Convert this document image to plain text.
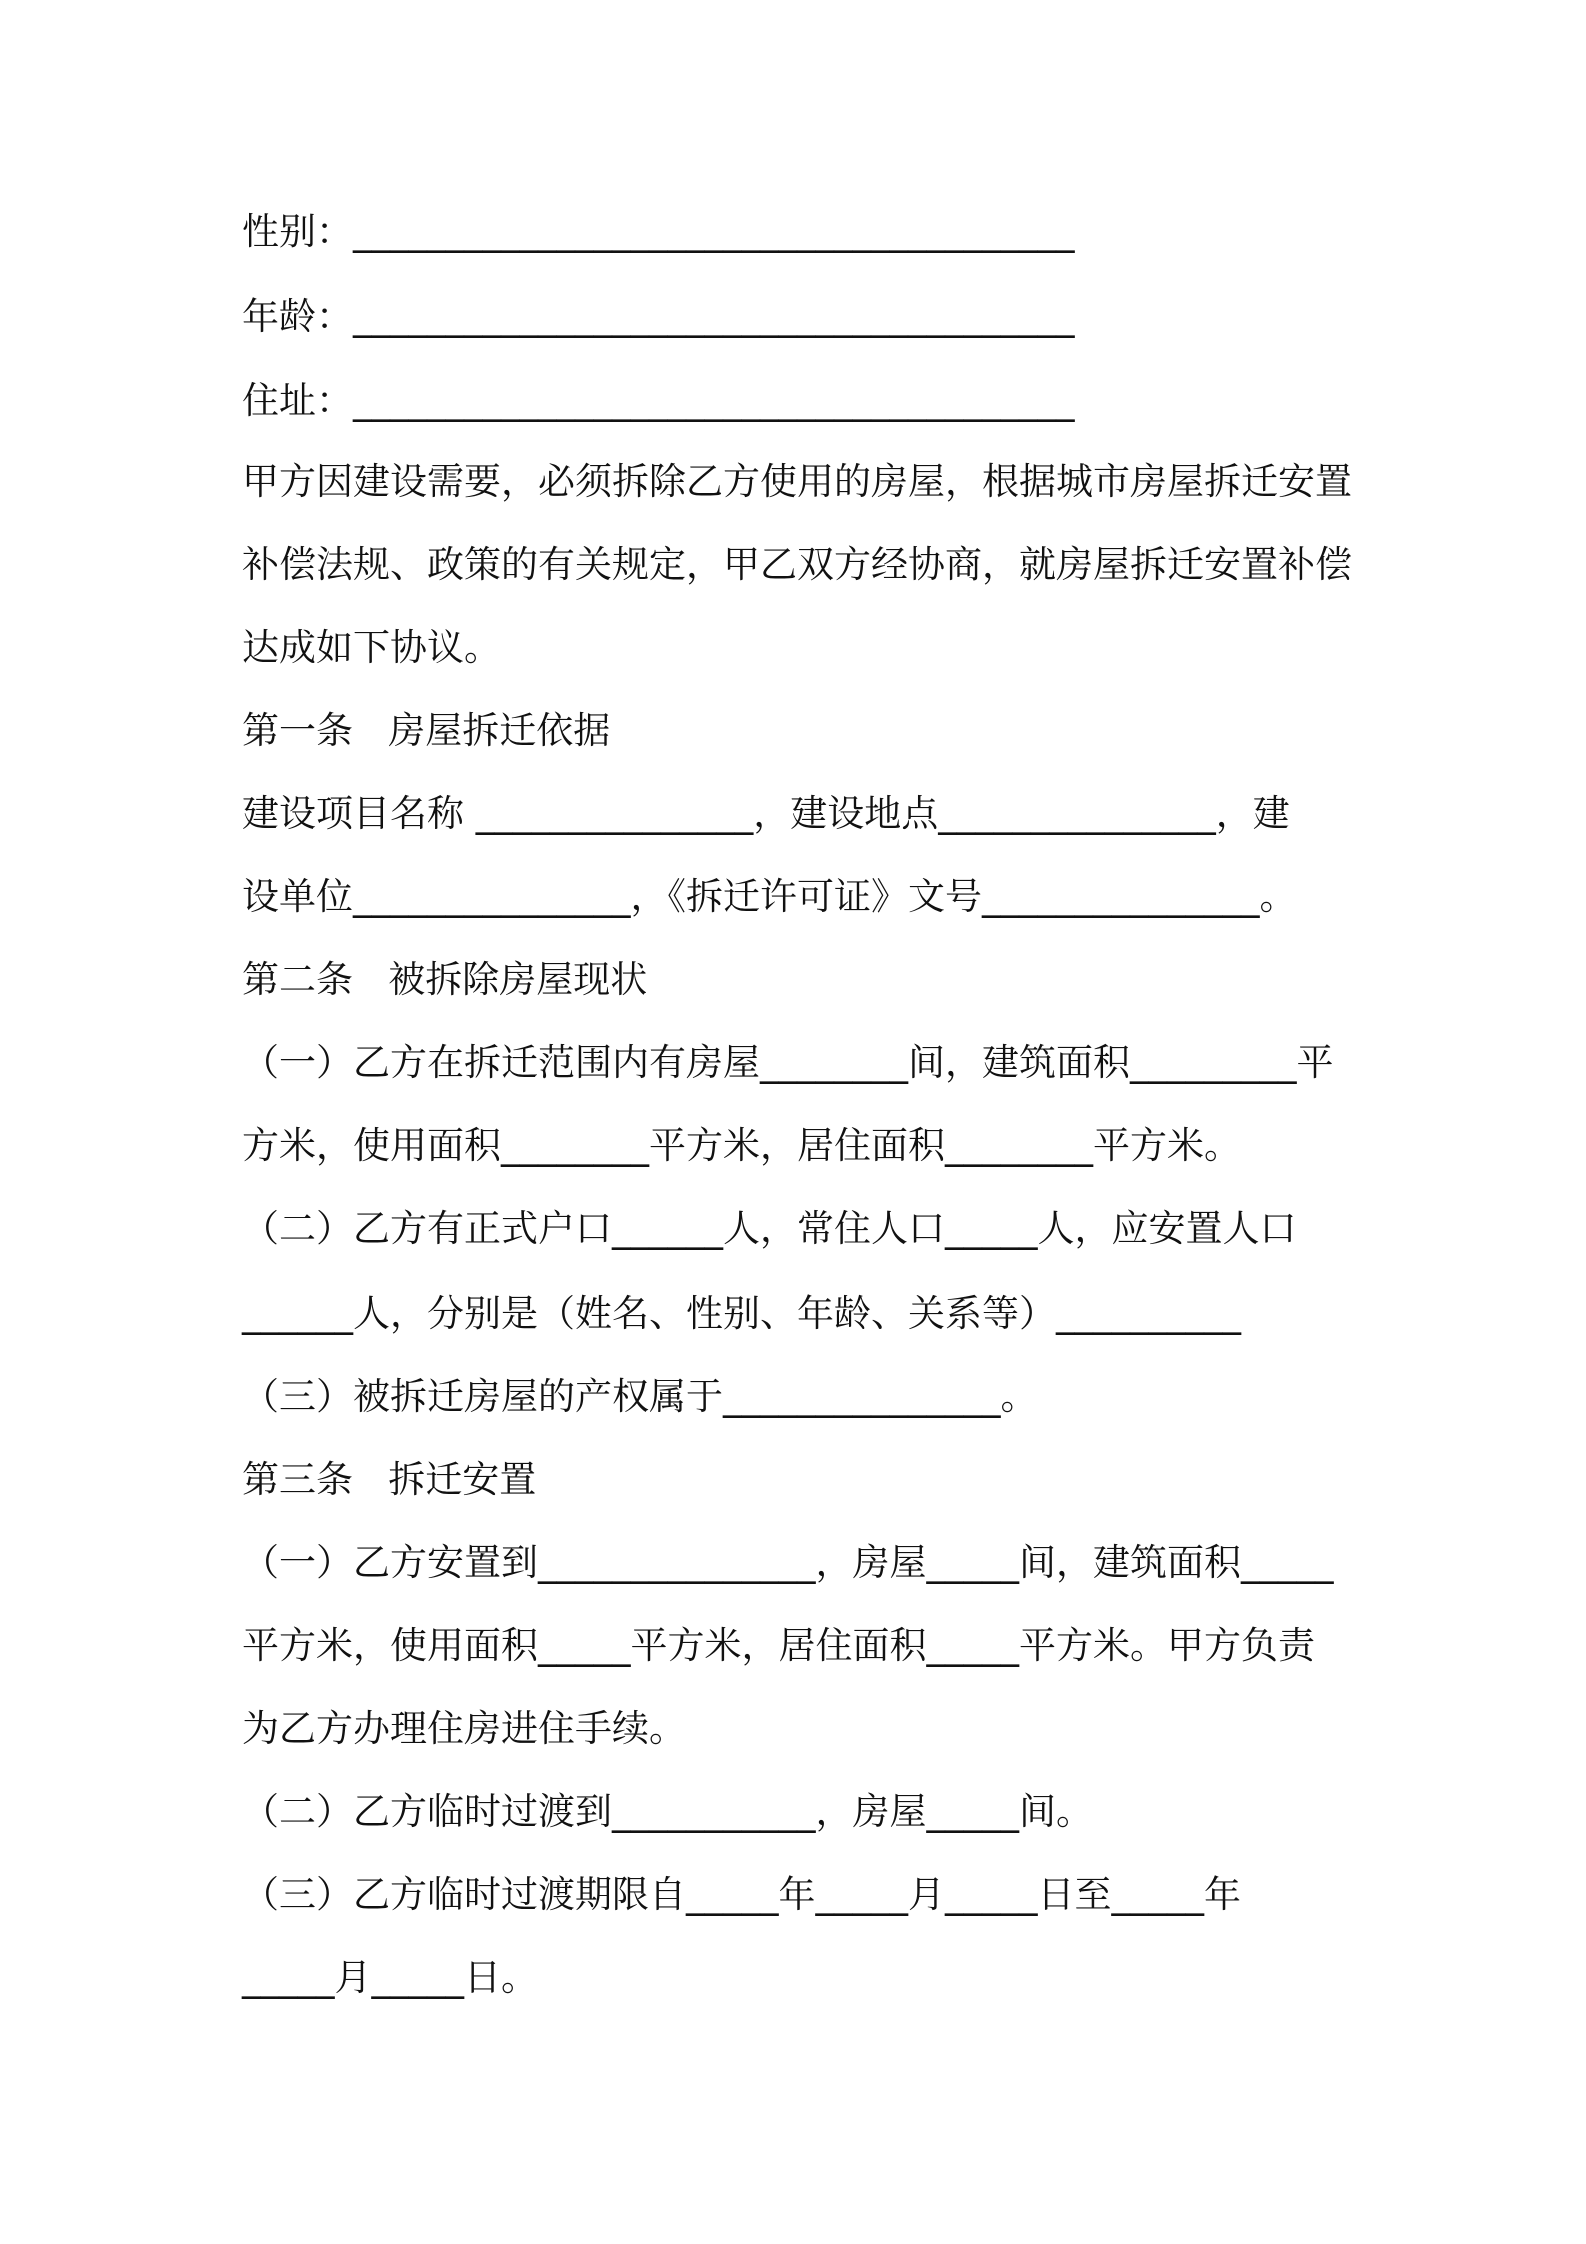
性别：_______________________________________
年龄：_______________________________________
住址：_______________________________________
甲方因建设需要，必须拆除乙方使用的房屋，根据城市房屋拆迁安置
补偿法规、政策的有关规定，甲乙双方经协商，就房屋拆迁安置补偿
达成如下协议。
第一条   房屋拆迁依据
建设项目名称 _______________，建设地点_______________，建
设单位_______________，《拆迁许可证》文号_______________。
第二条   被拆除房屋现状
（一）乙方在拆迁范围内有房屋________间，建筑面积_________平
方米，使用面积________平方米，居住面积________平方米。
（二）乙方有正式户口______人，常住人口_____人，应安置人口
______人，分别是（姓名、性别、年龄、关系等）__________
（三）被拆迁房屋的产权属于_______________。
第三条   拆迁安置
（一）乙方安置到_______________，房屋_____间，建筑面积_____
平方米，使用面积_____平方米，居住面积_____平方米。甲方负责
为乙方办理住房进住手续。
（二）乙方临时过渡到___________，房屋_____间。
（三）乙方临时过渡期限自_____年_____月_____日至_____年
_____月_____日。
